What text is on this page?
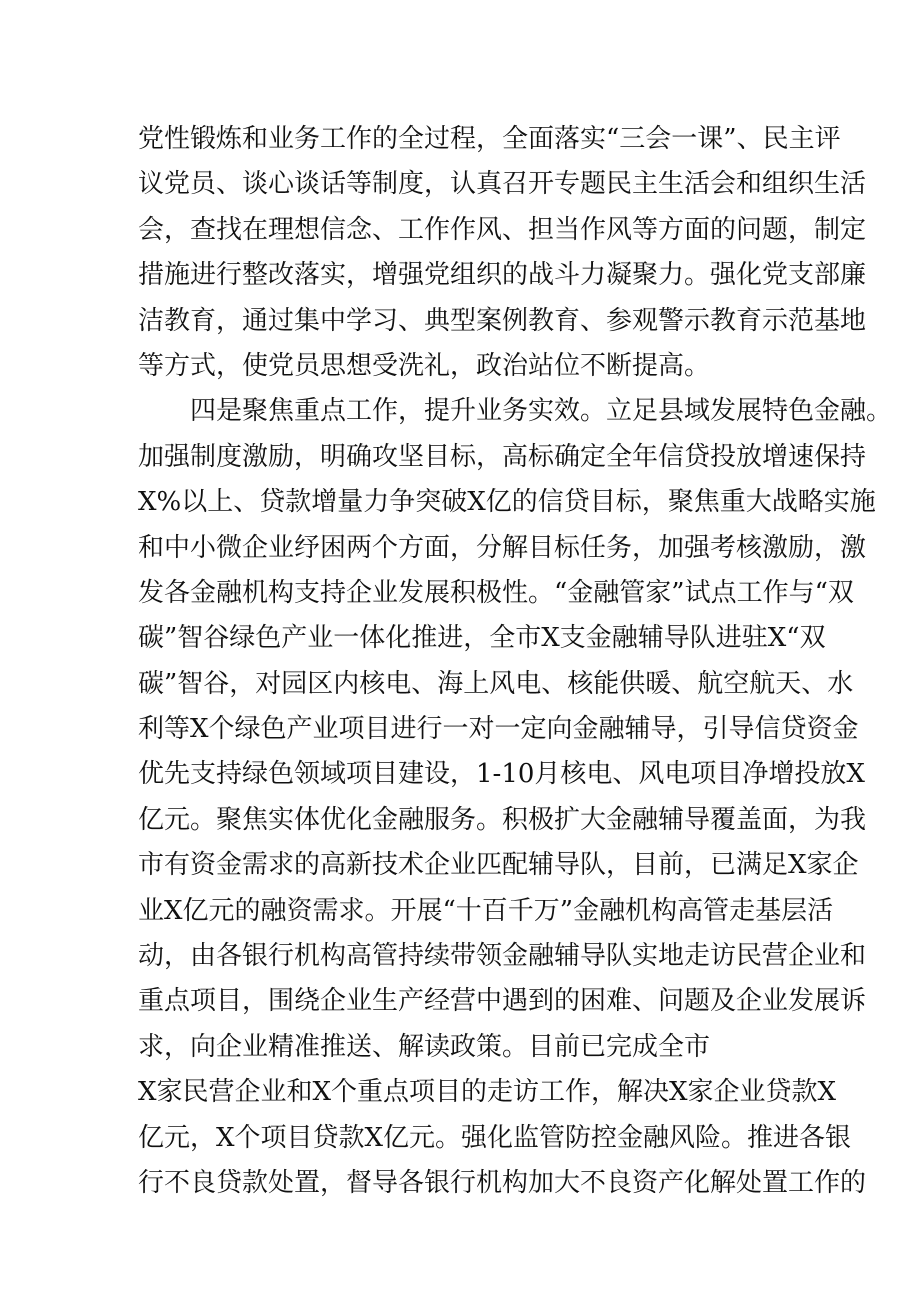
党性锻炼和业务工作的全过程，全面落实“三会一课”、民主评
议党员、谈心谈话等制度，认真召开专题民主生活会和组织生活
会，查找在理想信念、工作作风、担当作风等方面的问题，制定
措施进行整改落实，增强党组织的战斗力凝聚力。强化党支部廉
洁教育，通过集中学习、典型案例教育、参观警示教育示范基地
等方式，使党员思想受洗礼，政治站位不断提高。
四是聚焦重点工作，提升业务实效。立足县域发展特色金融。
加强制度激励，明确攻坚目标，高标确定全年信贷投放增速保持
X%以上、贷款增量力争突破X亿的信贷目标，聚焦重大战略实施
和中小微企业纾困两个方面，分解目标任务，加强考核激励，激
发各金融机构支持企业发展积极性。“金融管家”试点工作与“双
碳”智谷绿色产业一体化推进，全市X支金融辅导队进驻X“双
碳”智谷，对园区内核电、海上风电、核能供暖、航空航天、水
利等X个绿色产业项目进行一对一定向金融辅导，引导信贷资金
优先支持绿色领域项目建设，1-10月核电、风电项目净增投放X
亿元。聚焦实体优化金融服务。积极扩大金融辅导覆盖面，为我
市有资金需求的高新技术企业匹配辅导队，目前，已满足X家企
业X亿元的融资需求。开展“十百千万”金融机构高管走基层活
动，由各银行机构高管持续带领金融辅导队实地走访民营企业和
重点项目，围绕企业生产经营中遇到的困难、问题及企业发展诉
求，向企业精准推送、解读政策。目前已完成全市
X家民营企业和X个重点项目的走访工作，解决X家企业贷款X
亿元，X个项目贷款X亿元。强化监管防控金融风险。推进各银
行不良贷款处置，督导各银行机构加大不良资产化解处置工作的
